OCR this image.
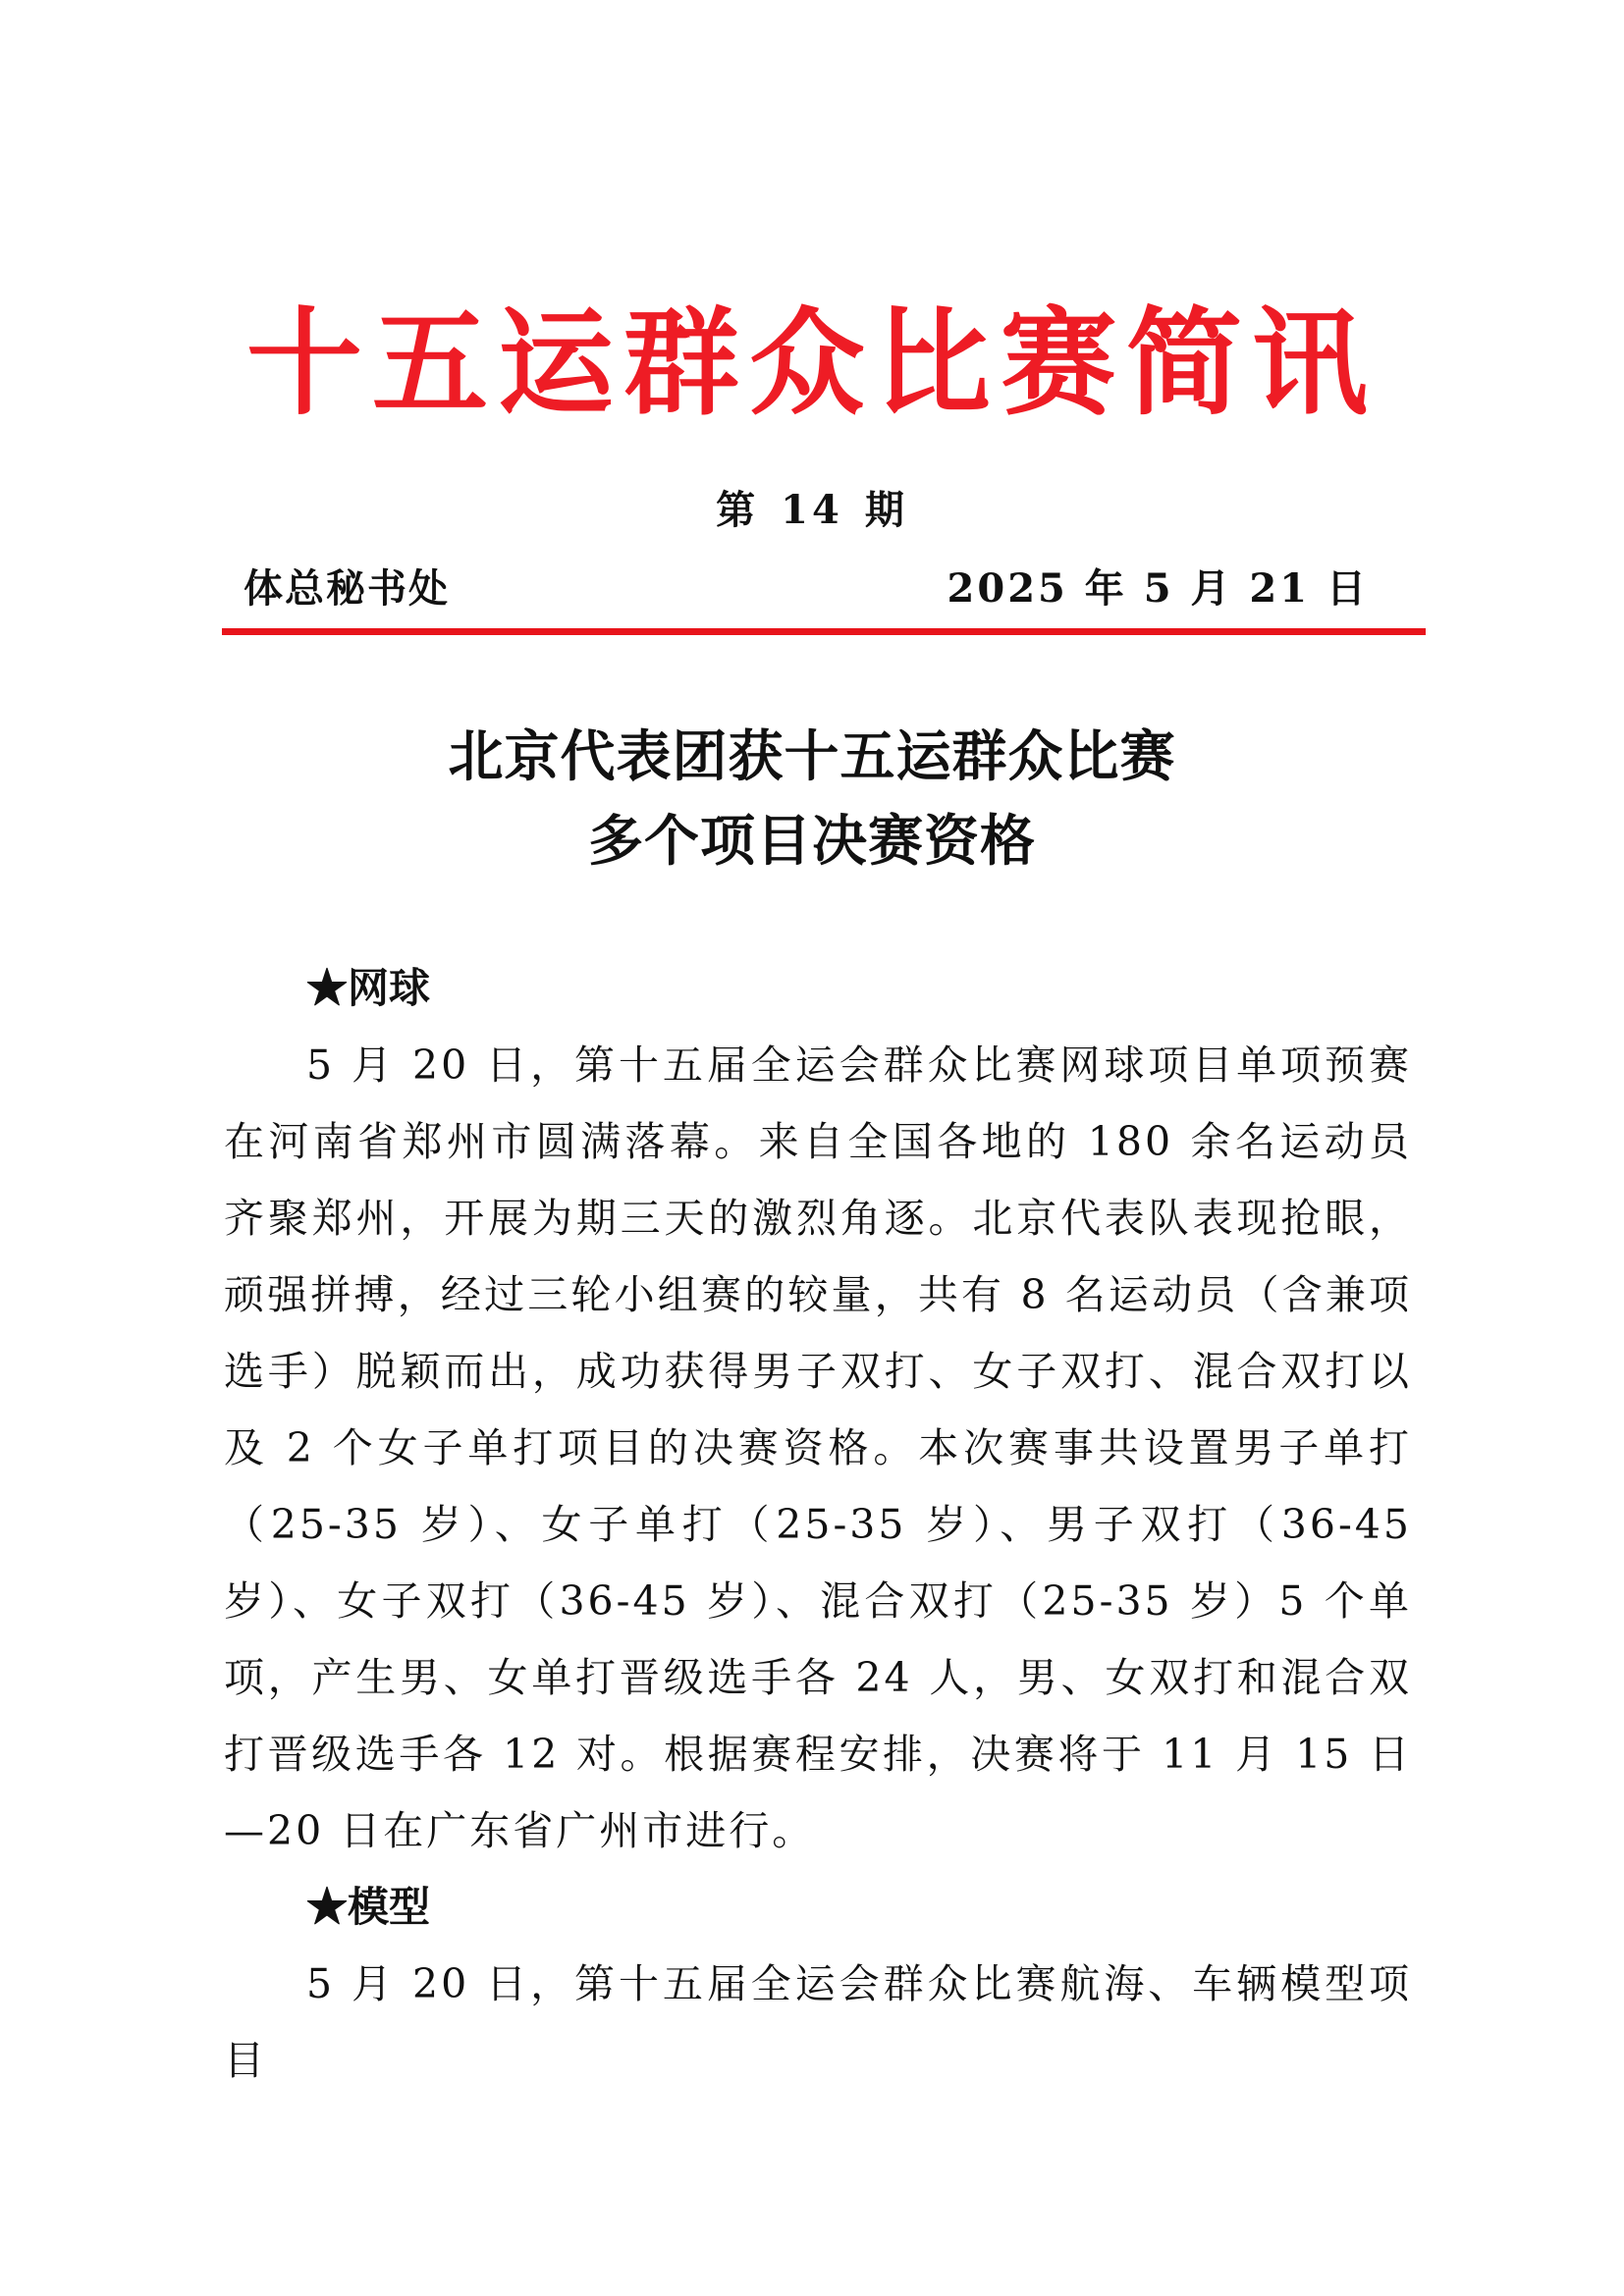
十五运群众比赛简讯
第 14 期
体总秘书处	2025 年 5 月 21 日
北京代表团获十五运群众比赛
多个项目决赛资格
★网球

5 月 20 日，第十五届全运会群众比赛网球项目单项预赛在河南省郑州市圆满落幕。来自全国各地的 180 余名运动员齐聚郑州，开展为期三天的激烈角逐。北京代表队表现抢眼，顽强拼搏，经过三轮小组赛的较量，共有 8 名运动员（含兼项选手）脱颖而出，成功获得男子双打、女子双打、混合双打以及 2 个女子单打项目的决赛资格。本次赛事共设置男子单打（25-35 岁）、女子单打（25-35 岁）、男子双打（36-45 岁）、女子双打（36-45 岁）、混合双打（25-35 岁）5 个单项，产生男、女单打晋级选手各 24 人，男、女双打和混合双打晋级选手各 12 对。根据赛程安排，决赛将于 11 月 15 日—20 日在广东省广州市进行。

★模型

5 月 20 日，第十五届全运会群众比赛航海、车辆模型项目
